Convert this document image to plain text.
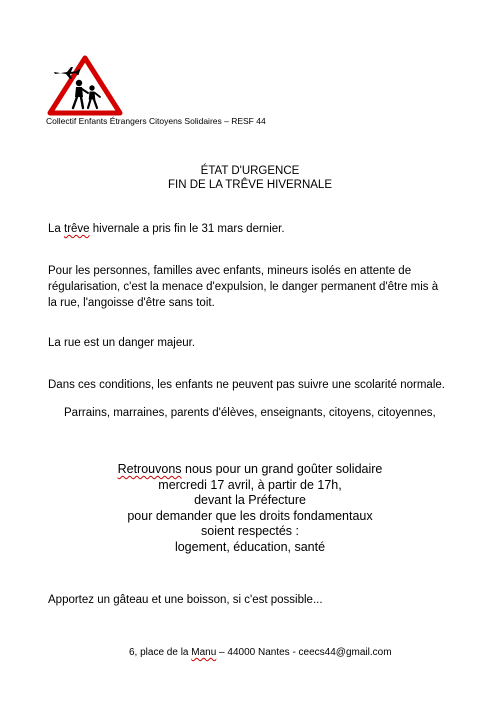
Collectif Enfants Étrangers Citoyens Solidaires – RESF 44
ÉTAT D'URGENCE
FIN DE LA TRÊVE HIVERNALE
La trêve hivernale a pris fin le 31 mars dernier.
Pour les personnes, familles avec enfants, mineurs isolés en attente de
régularisation, c'est la menace d'expulsion, le danger permanent d'être mis à
la rue, l'angoisse d'être sans toit.
La rue est un danger majeur.
Dans ces conditions, les enfants ne peuvent pas suivre une scolarité normale.
Parrains, marraines, parents d'élèves, enseignants, citoyens, citoyennes,
Retrouvons nous pour un grand goûter solidaire
mercredi 17 avril, à partir de 17h,
devant la Préfecture
pour demander que les droits fondamentaux
soient respectés :
logement, éducation, santé
Apportez un gâteau et une boisson, si c'est possible...
6, place de la Manu – 44000 Nantes - ceecs44@gmail.com
